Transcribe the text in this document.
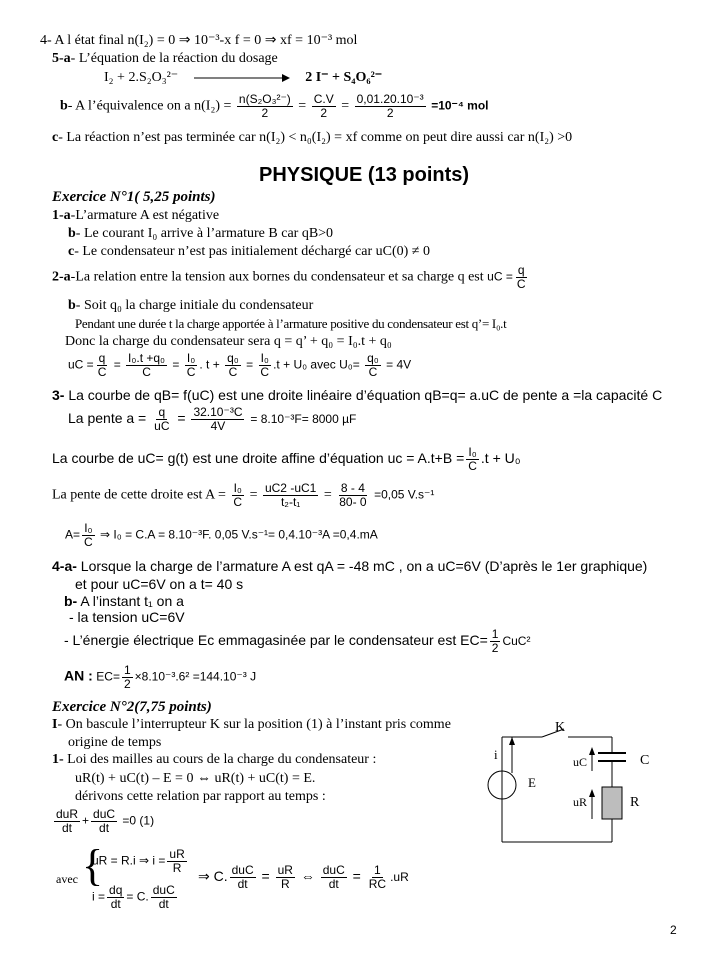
4- A l état final n(I₂) = 0 ⇒ 10⁻³-x f = 0 ⇒ xf = 10⁻³ mol
5-a- L’équation de la réaction du dosage
I₂ + 2.S₂O₃²⁻	2 I⁻ + S₄O₆²⁻
b- A l’équivalence on a $n(I_2) = \frac{\text{n(S₂O₃²⁻)}}{2} = \frac{C.V}{2} = \frac{\text{0,01.20.10⁻³}}{2} =10^{-4}$ mol
c- La réaction n’est pas terminée car n(I₂) < n₀(I₂) = xf comme on peut dire aussi car n(I₂) >0
PHYSIQUE (13 points)
Exercice N°1( 5,25 points)
1-a-L’armature A est négative
b- Le courant I₀ arrive à l’armature B car qB>0
c- Le condensateur n’est pas initialement déchargé car uC(0) ≠ 0
2-a-La relation entre la tension aux bornes du condensateur et sa charge q est uC = $\frac{q}{C}$
b- Soit q₀ la charge initiale du condensateur
Pendant une durée t la charge apportée à l’armature positive du condensateur est q’= I₀.t
Donc la charge du condensateur sera q = q’ + q₀ = I₀.t + q₀
uC = $\frac{q}{C} = \frac{\text{I₀.t +q₀}}{C} = \frac{\text{I₀}}{C}$ . $t + \frac{\text{q₀}}{C} = \frac{\text{I₀}}{C} .t + U_0$ avec $U_0= \frac{\text{q₀}}{C} = 4V$
3- La courbe de qB= f(uC) est une droite linéaire d’équation qB=q= a.uC de pente a =la capacité C
La pente $a = \frac{q}{uC} = \frac{\text{32.10⁻³C}}{4V} = 8.10^{-3}F= 8000$ µF
La courbe de uC= g(t) est une droite affine d’équation uc = $A.t+B = \frac{\text{I₀}}{C} .t + U_0$
La pente de cette droite est $A = \frac{\text{I₀}}{C} = \frac{uC2 -uC1}{\text{t₂-t₁}} = \frac{8 - 4}{80- 0} =0,05$ V.s⁻¹
$A= \frac{\text{I₀}}{C}$ ⇒ I₀ = C.A = 8.10⁻³F. 0,05 V.s⁻¹= 0,4.10⁻³A =0,4.mA
4-a- Lorsque la charge de l’armature A est qA = -48 mC , on a uC=6V (D’après le 1er graphique)
et pour uC=6V on a t= 40 s
b- A l’instant t₁ on a
- la tension uC=6V
- L’énergie électrique Ec emmagasinée par le condensateur est $EC= \frac{1}{2} CuC^2$
AN : $EC= \frac{1}{2} \times 8.10^{-3}.6^2 =144.10^{-3}$ J
Exercice N°2(7,75 points)
I- On bascule l’interrupteur K sur la position (1) à l’instant pris comme
origine de temps
1- Loi des mailles au cours de la charge du condensateur :
uR(t) + uC(t) – E = 0 ⇔ uR(t) + uC(t) = E.
dérivons cette relation par rapport au temps :
$\frac{\text{duR}}{dt} + \frac{\text{duC}}{dt} =0$ (1)
avec {
uR = R.i ⇒ $i = \frac{uR}{R}$
$i = \frac{dq}{dt} = C$. $\frac{\text{duC}}{dt}$
⇒ C. $\frac{\text{duC}}{dt} = \frac{uR}{R}$ ⇔ $\frac{\text{duC}}{dt} = \frac{1}{RC} .uR$
K
i
E
uC	C
uR	R
2
